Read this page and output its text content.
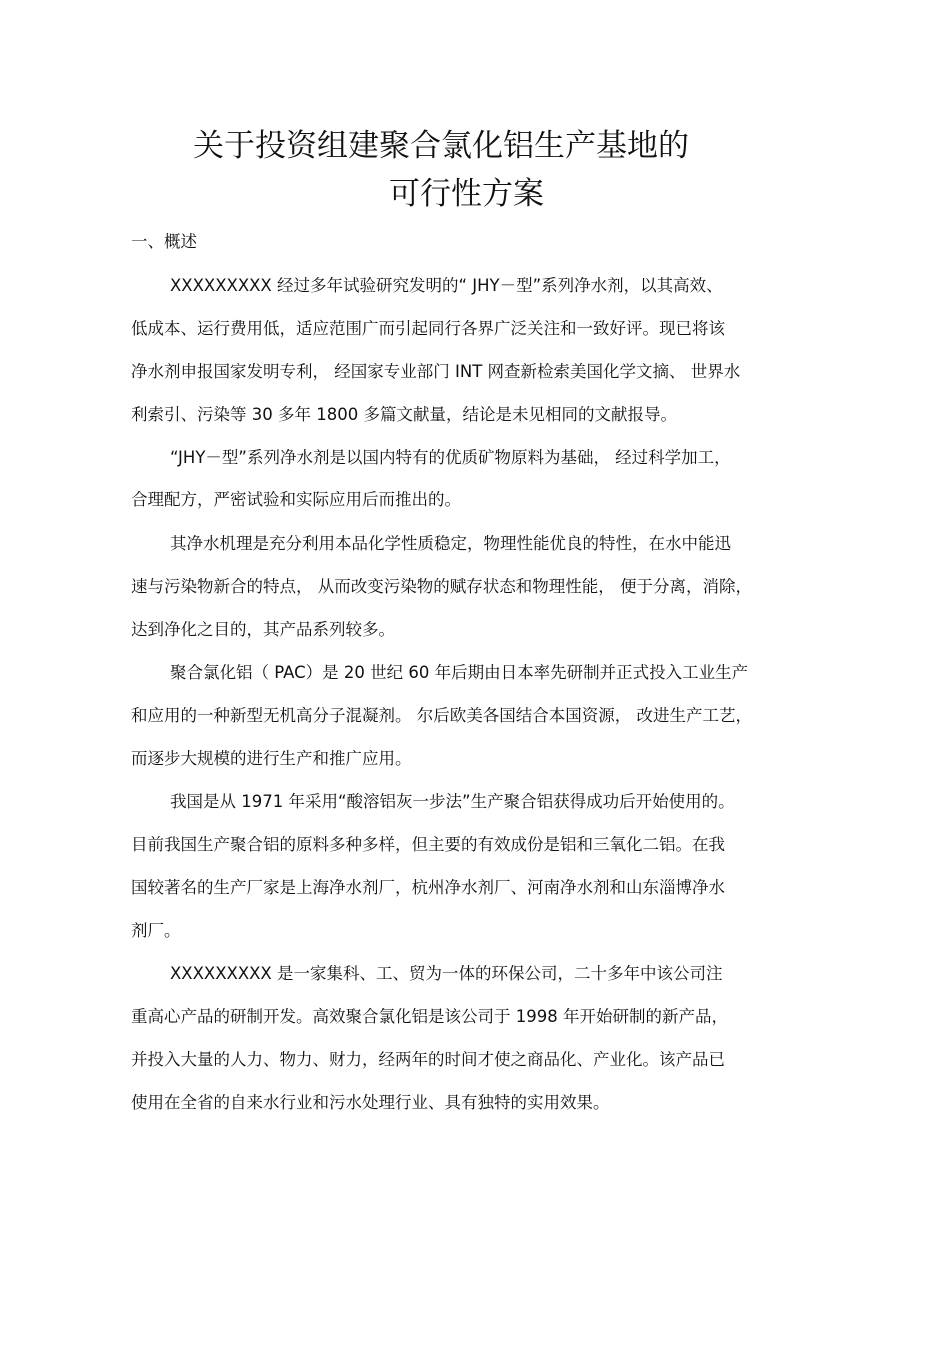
关于投资组建聚合氯化铝生产基地的
可行性方案
一、概述
XXXXXXXXX 经过多年试验研究发明的“ JHY－型”系列净水剂，以其高效、
低成本、运行费用低，适应范围广而引起同行各界广泛关注和一致好评。现已将该
净水剂申报国家发明专利， 经国家专业部门 INT 网查新检索美国化学文摘、 世界水
利索引、污染等 30 多年 1800 多篇文献量，结论是未见相同的文献报导。
“JHY－型”系列净水剂是以国内特有的优质矿物原料为基础， 经过科学加工，
合理配方，严密试验和实际应用后而推出的。
其净水机理是充分利用本品化学性质稳定，物理性能优良的特性，在水中能迅
速与污染物新合的特点， 从而改变污染物的赋存状态和物理性能， 便于分离，消除，
达到净化之目的，其产品系列较多。
聚合氯化铝（ PAC）是 20 世纪 60 年后期由日本率先研制并正式投入工业生产
和应用的一种新型无机高分子混凝剂。 尔后欧美各国结合本国资源， 改进生产工艺，
而逐步大规模的进行生产和推广应用。
我国是从 1971 年采用“酸溶铝灰一步法”生产聚合铝获得成功后开始使用的。
目前我国生产聚合铝的原料多种多样，但主要的有效成份是铝和三氧化二铝。在我
国较著名的生产厂家是上海净水剂厂，杭州净水剂厂、河南净水剂和山东淄博净水
剂厂。
XXXXXXXXX 是一家集科、工、贸为一体的环保公司，二十多年中该公司注
重高心产品的研制开发。高效聚合氯化铝是该公司于 1998 年开始研制的新产品，
并投入大量的人力、物力、财力，经两年的时间才使之商品化、产业化。该产品已
使用在全省的自来水行业和污水处理行业、具有独特的实用效果。
